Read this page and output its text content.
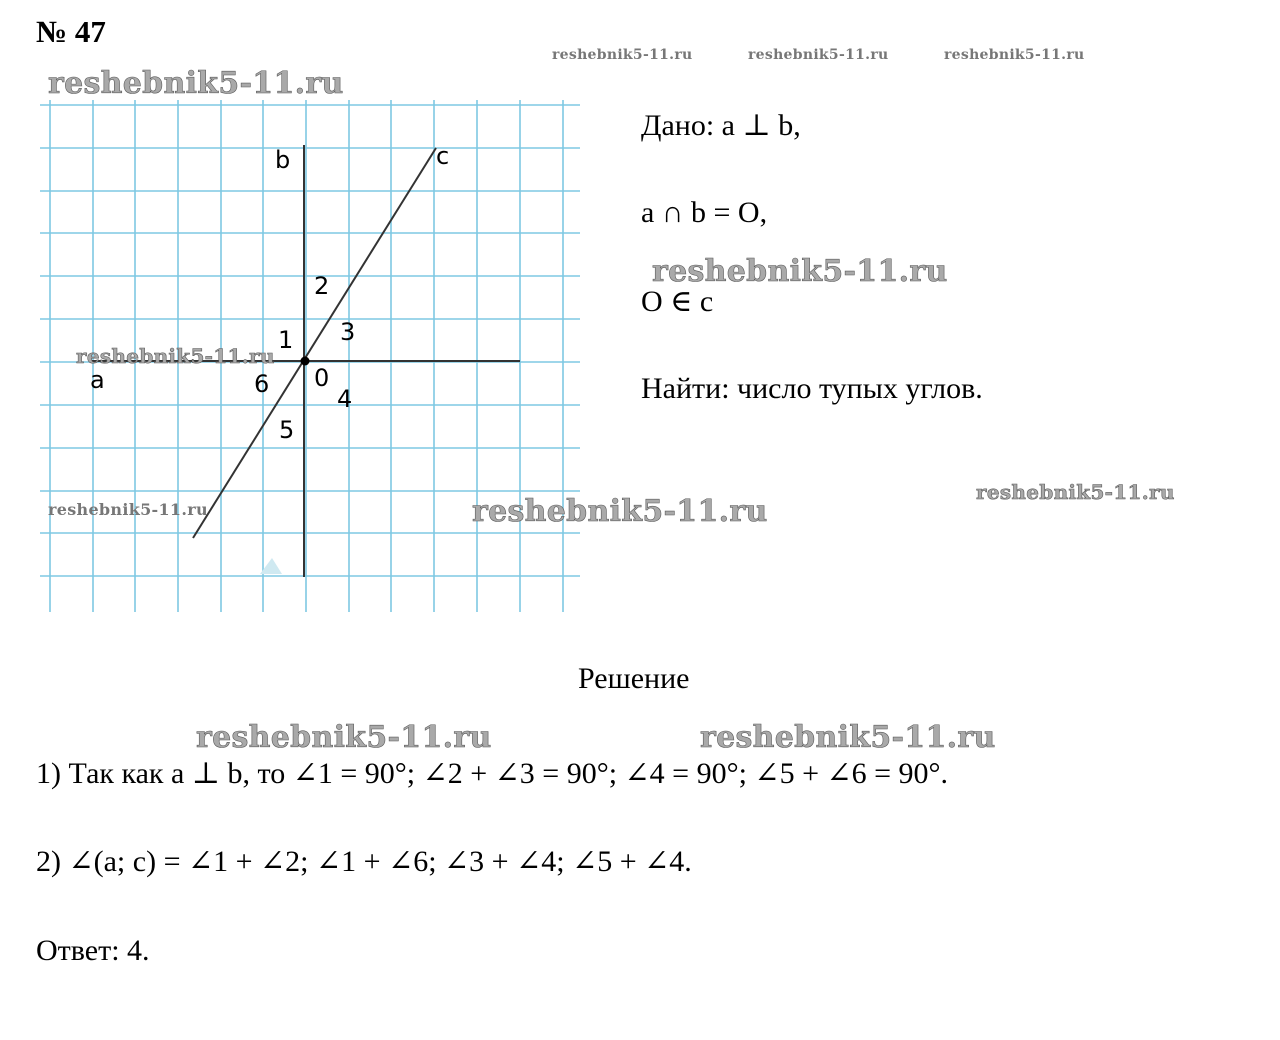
№ 47
reshebnik5-11.ru	reshebnik5-11.ru	reshebnik5-11.ru
b	c
a
2
3
1
6 0
4
5
reshebnik5-11.ru
reshebnik5-11.ru
reshebnik5-11.ru	reshebnik5-11.ru
Дано: a ⊥ b,
a ∩ b = O,
reshebnik5-11.ru
O ∈ c
Найти: число тупых углов.
reshebnik5-11.ru
Решение
reshebnik5-11.ru	reshebnik5-11.ru
1) Так как a ⊥ b, то ∠1 = 90°; ∠2 + ∠3 = 90°; ∠4 = 90°; ∠5 + ∠6 = 90°.
2) ∠(a; c) = ∠1 + ∠2; ∠1 + ∠6; ∠3 + ∠4; ∠5 + ∠4.
Ответ: 4.
